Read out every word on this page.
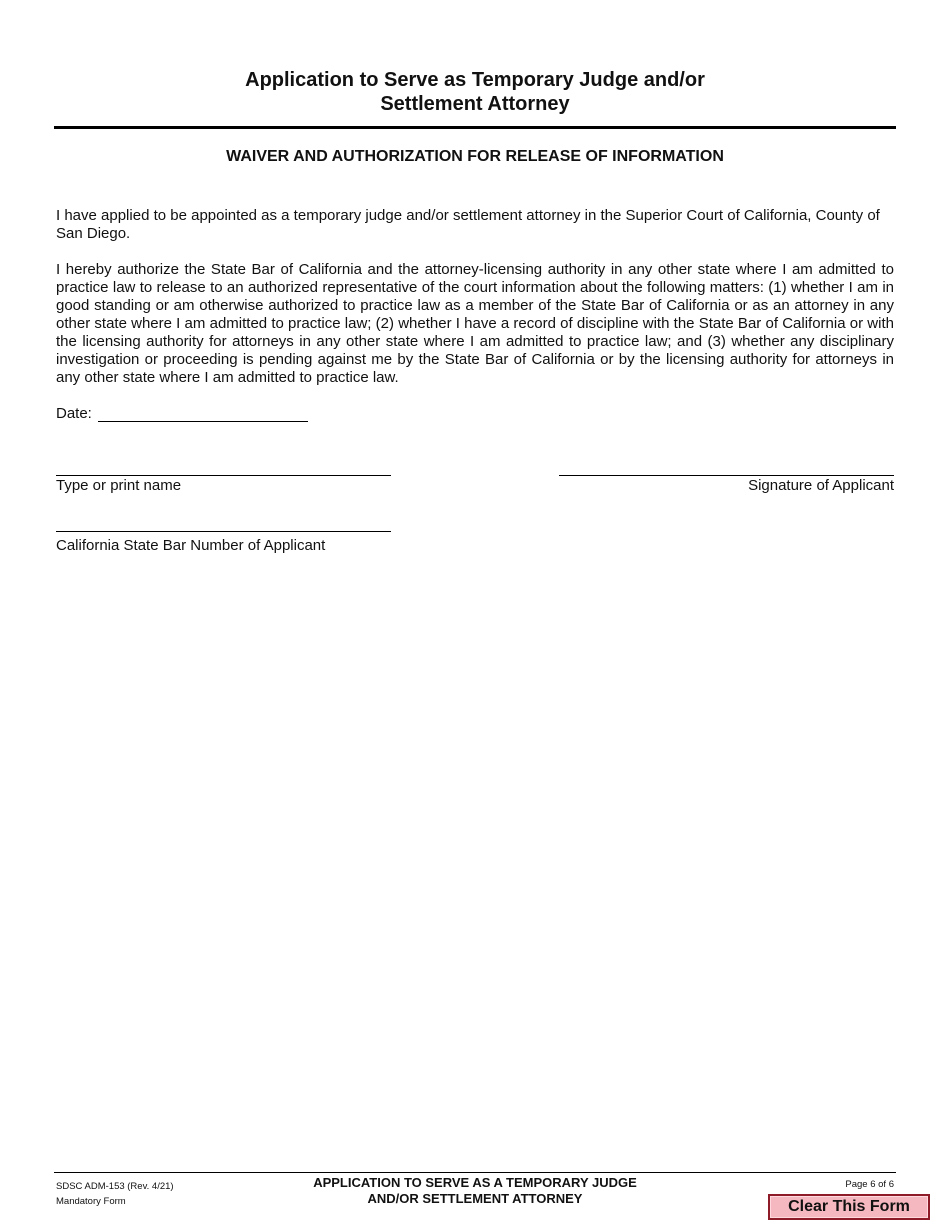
Application to Serve as Temporary Judge and/or
Settlement Attorney
WAIVER AND AUTHORIZATION FOR RELEASE OF INFORMATION

I have applied to be appointed as a temporary judge and/or settlement attorney in the Superior Court of California, County of San Diego.

I hereby authorize the State Bar of California and the attorney-licensing authority in any other state where I am admitted to practice law to release to an authorized representative of the court information about the following matters: (1) whether I am in good standing or am otherwise authorized to practice law as a member of the State Bar of California or as an attorney in any other state where I am admitted to practice law; (2) whether I have a record of discipline with the State Bar of California or with the licensing authority for attorneys in any other state where I am admitted to practice law; and (3) whether any disciplinary investigation or proceeding is pending against me by the State Bar of California or by the licensing authority for attorneys in any other state where I am admitted to practice law.

Date:
Type or print name	Signature of Applicant
California State Bar Number of Applicant
SDSC ADM-153 (Rev. 4/21)
Mandatory Form
APPLICATION TO SERVE AS A TEMPORARY JUDGE
AND/OR SETTLEMENT ATTORNEY
Page 6 of 6
Clear This Form
